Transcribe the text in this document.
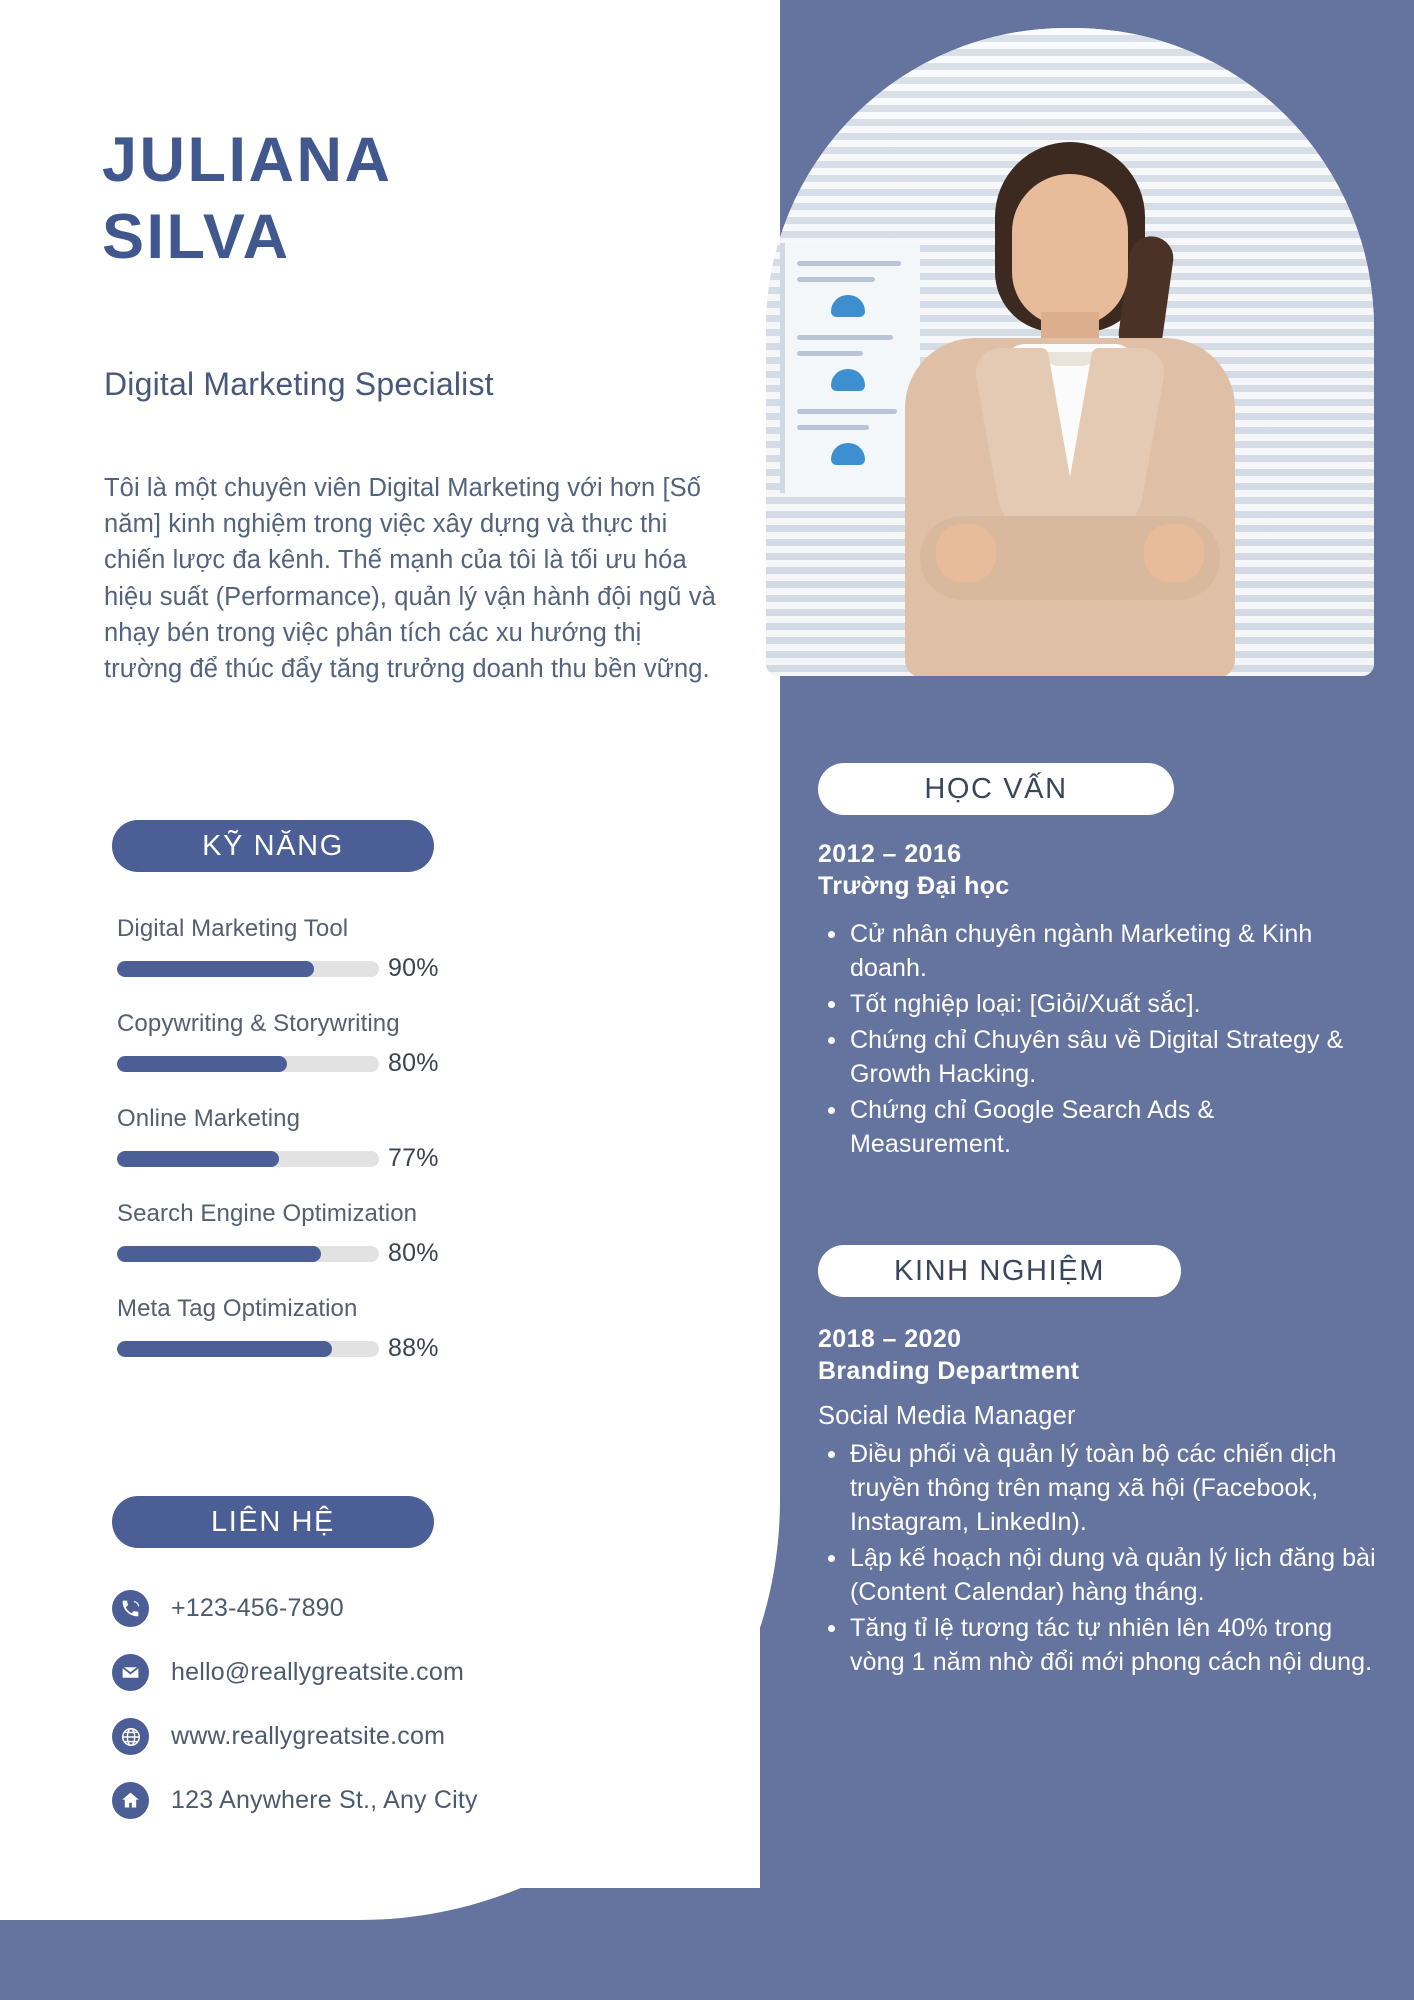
JULIANA
SILVA
Digital Marketing Specialist
Tôi là một chuyên viên Digital Marketing với hơn [Số năm] kinh nghiệm trong việc xây dựng và thực thi chiến lược đa kênh. Thế mạnh của tôi là tối ưu hóa hiệu suất (Performance), quản lý vận hành đội ngũ và nhạy bén trong việc phân tích các xu hướng thị trường để thúc đẩy tăng trưởng doanh thu bền vững.
KỸ NĂNG
Digital Marketing Tool
90%
Copywriting & Storywriting
80%
Online Marketing
77%
Search Engine Optimization
80%
Meta Tag Optimization
88%
LIÊN HỆ
+123-456-7890
hello@reallygreatsite.com
www.reallygreatsite.com
123 Anywhere St., Any City
HỌC VẤN
2012 – 2016
Trường Đại học
Cử nhân chuyên ngành Marketing & Kinh doanh.
Tốt nghiệp loại: [Giỏi/Xuất sắc].
Chứng chỉ Chuyên sâu về Digital Strategy & Growth Hacking.
Chứng chỉ Google Search Ads & Measurement.
KINH NGHIỆM
2018 – 2020
Branding Department
Social Media Manager
Điều phối và quản lý toàn bộ các chiến dịch truyền thông trên mạng xã hội (Facebook, Instagram, LinkedIn).
Lập kế hoạch nội dung và quản lý lịch đăng bài (Content Calendar) hàng tháng.
Tăng tỉ lệ tương tác tự nhiên lên 40% trong vòng 1 năm nhờ đổi mới phong cách nội dung.
